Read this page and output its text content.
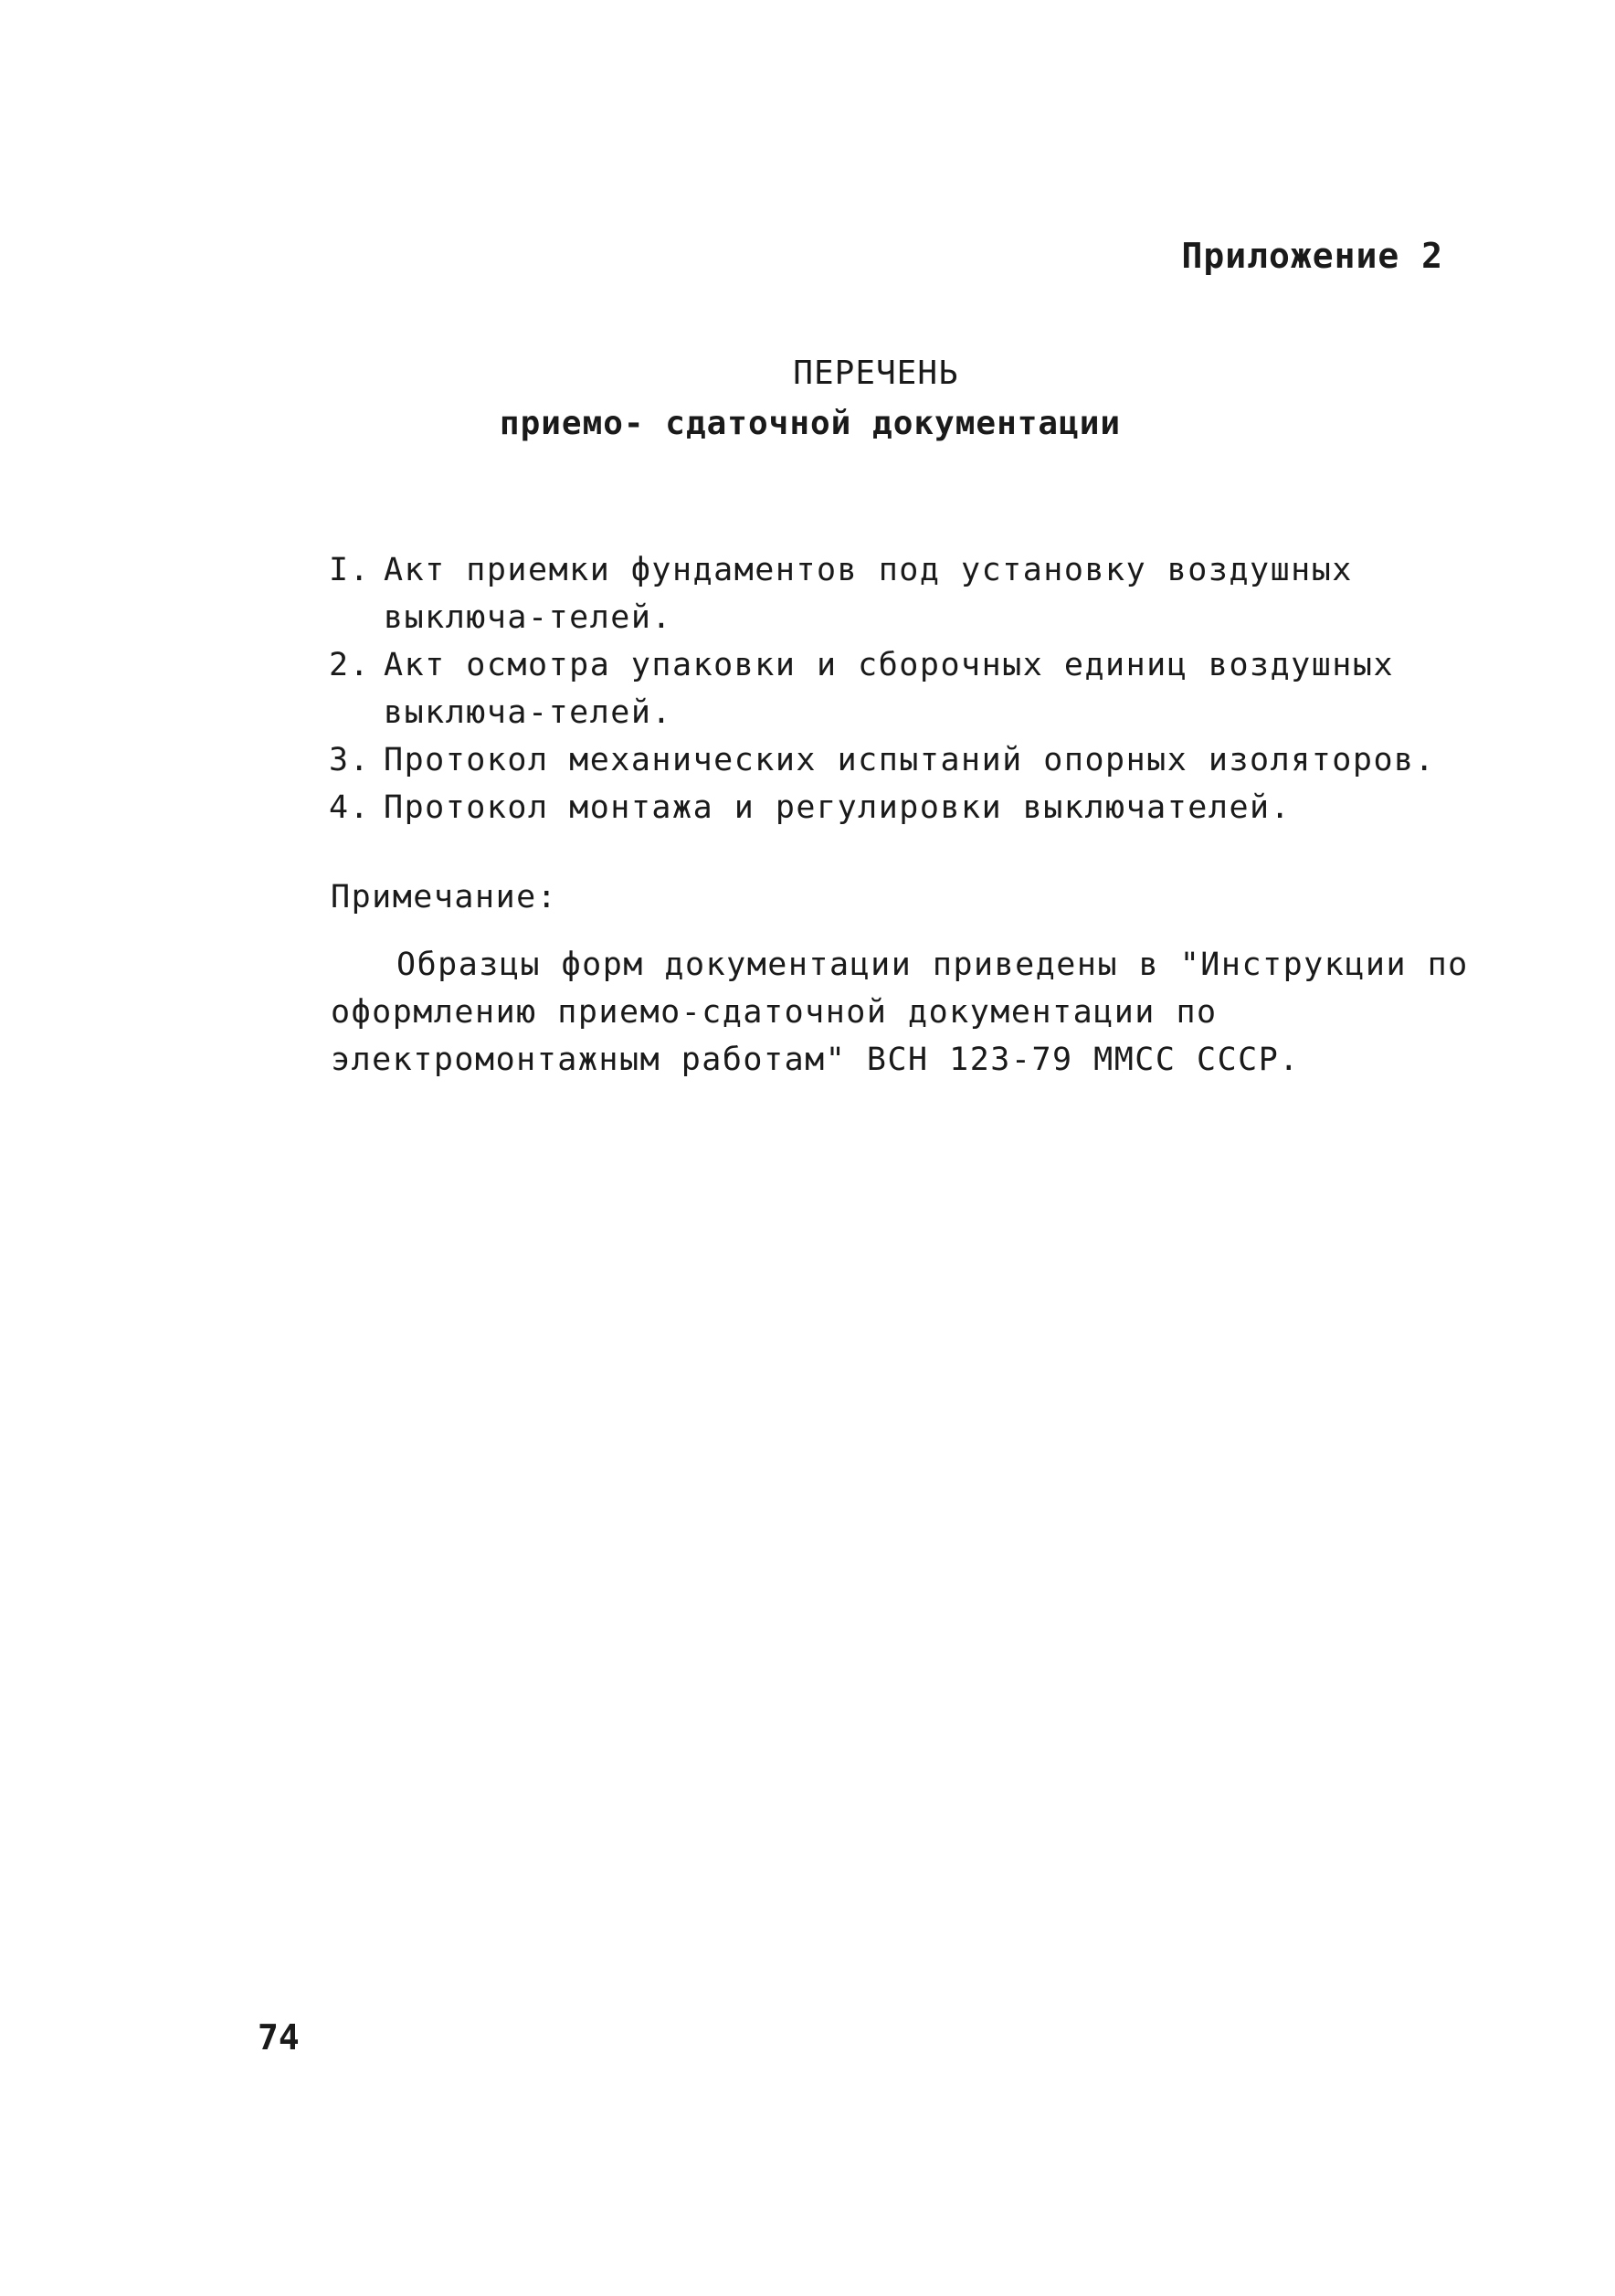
Приложение 2
ПЕРЕЧЕНЬ
приемо- сдаточной документации
I. Акт приемки фундаментов под установку воздушных выключа-телей.
2. Акт осмотра упаковки и сборочных единиц воздушных выключа-телей.
3. Протокол механических испытаний опорных изоляторов.
4. Протокол монтажа и регулировки выключателей.
Примечание:

Образцы форм документации приведены в "Инструкции по оформлению приемо-сдаточной документации по электромонтажным работам" ВСН 123-79 ММСС СССР.

74
